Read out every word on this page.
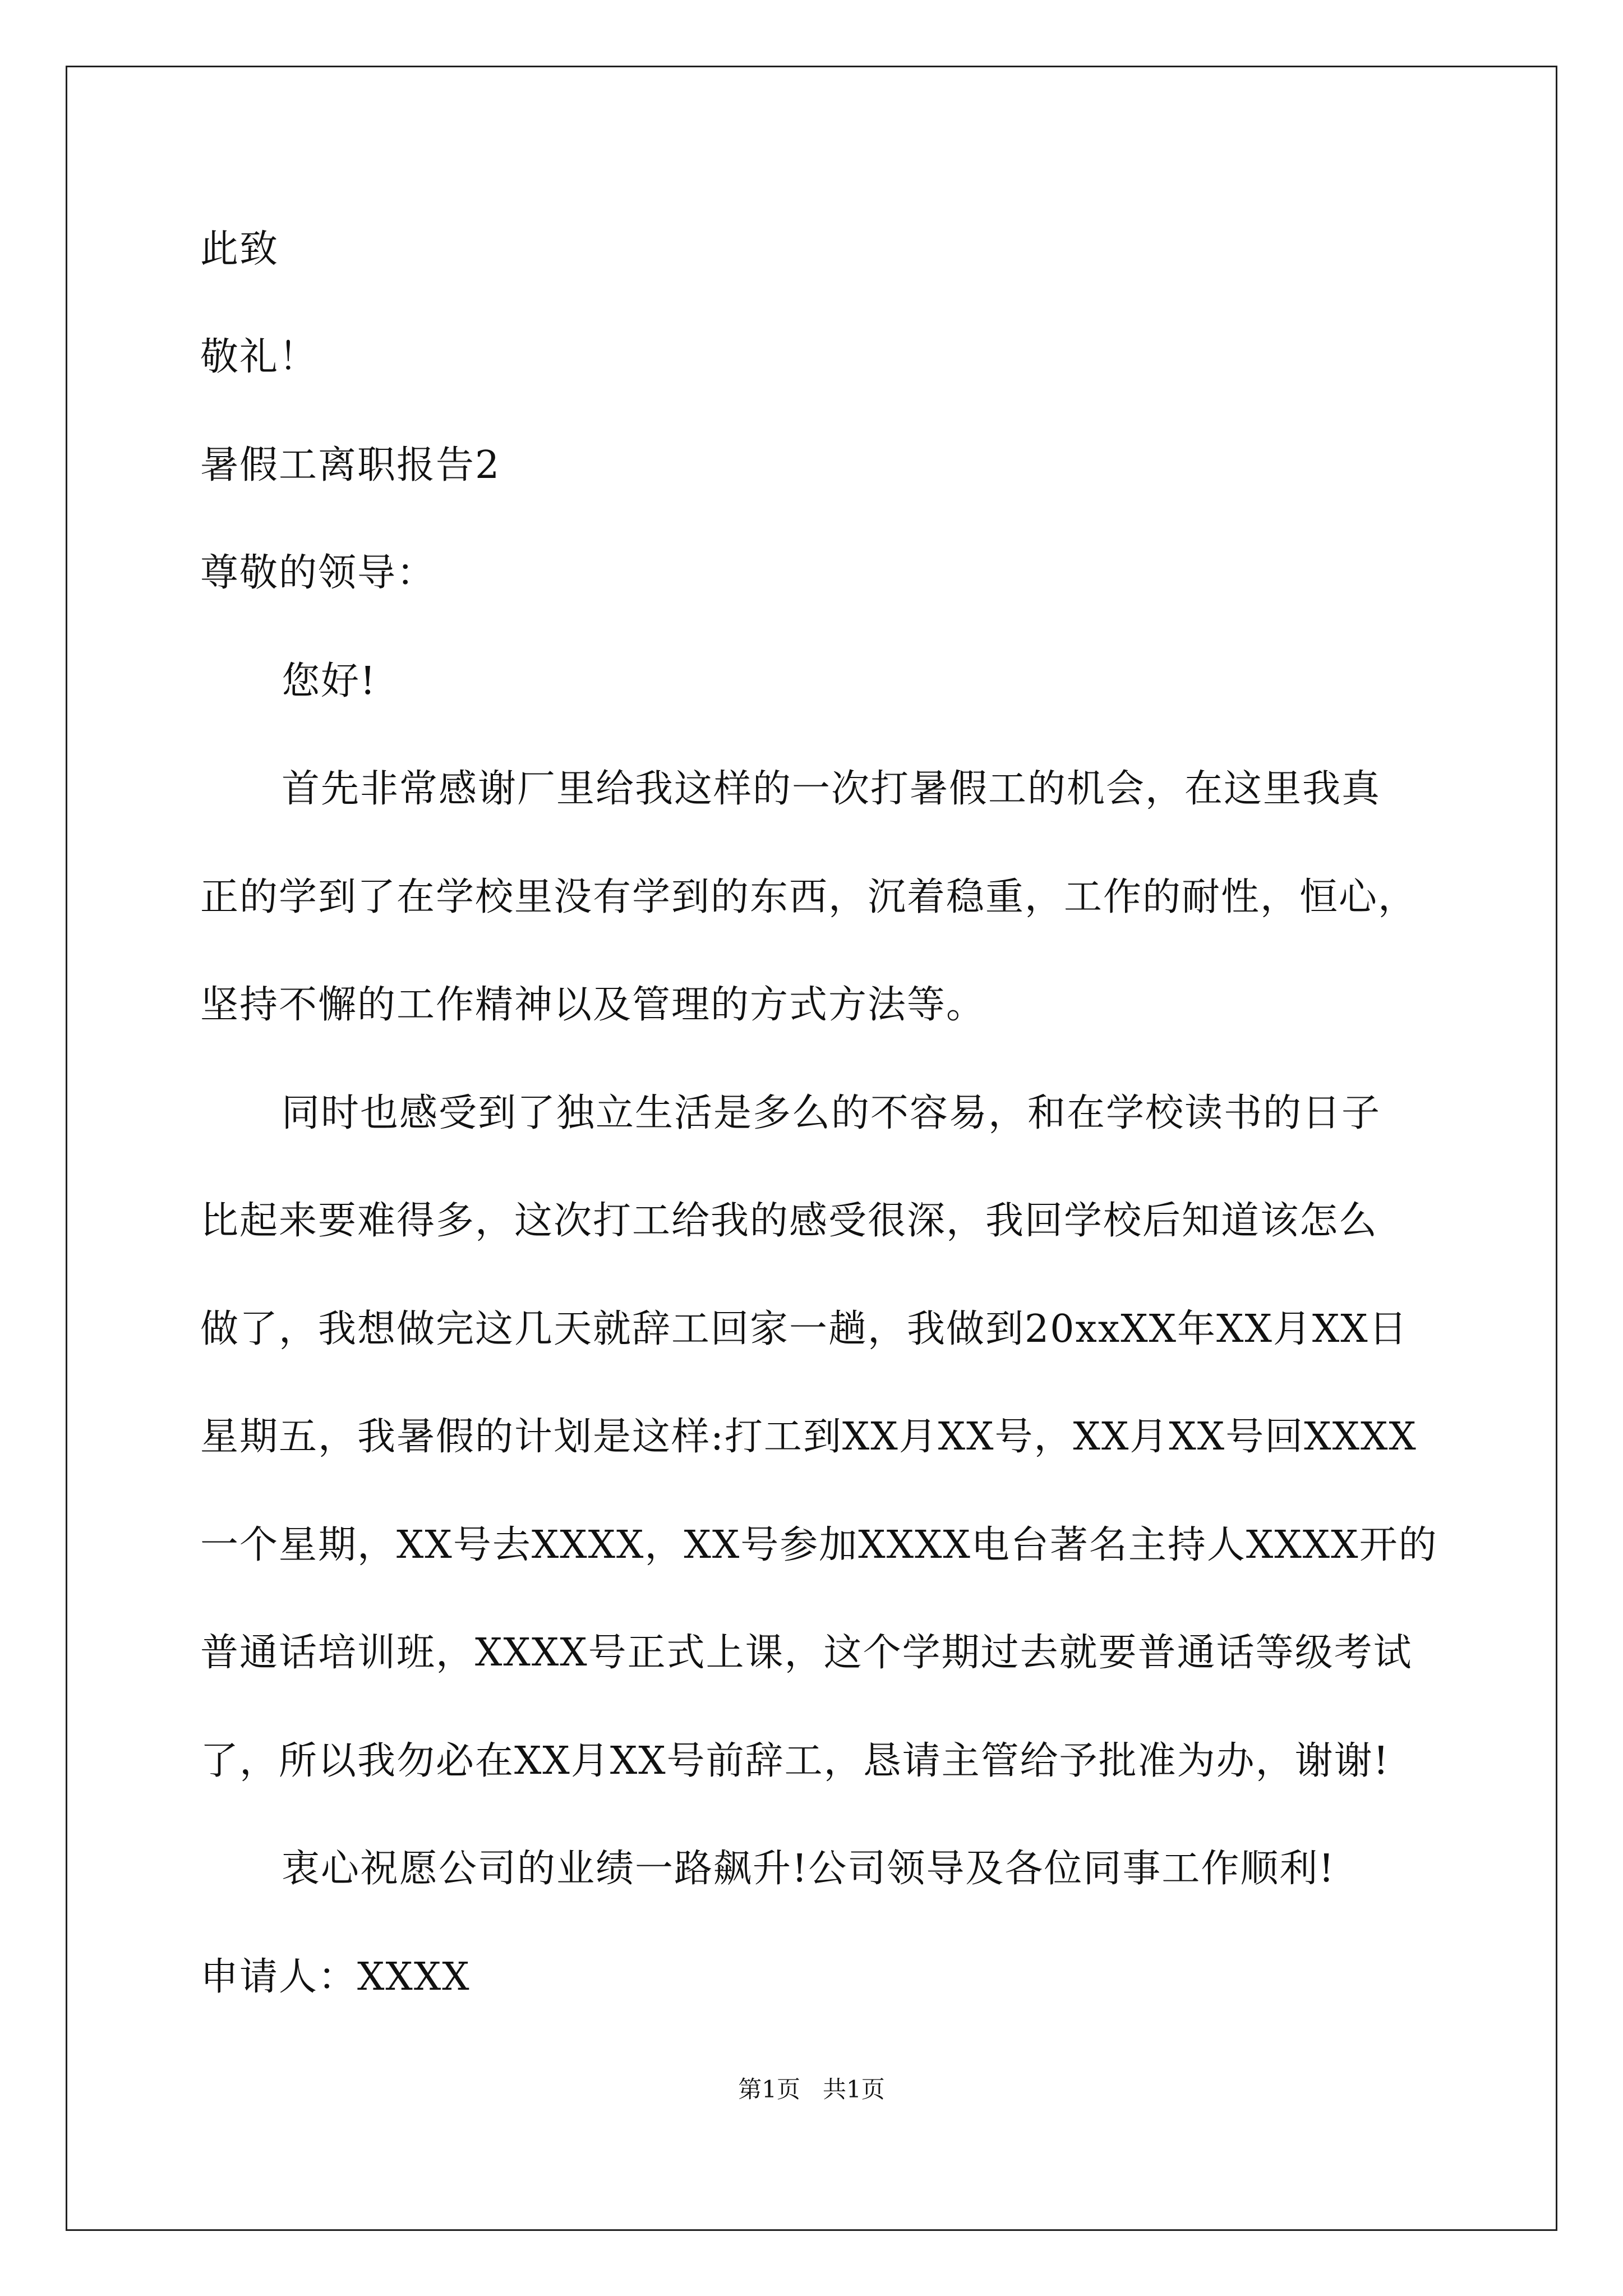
此致
敬礼！
暑假工离职报告2
尊敬的领导：
您好!
首先非常感谢厂里给我这样的一次打暑假工的机会，在这里我真
正的学到了在学校里没有学到的东西，沉着稳重，工作的耐性，恒心，
坚持不懈的工作精神以及管理的方式方法等。
同时也感受到了独立生活是多么的不容易，和在学校读书的日子
比起来要难得多，这次打工给我的感受很深，我回学校后知道该怎么
做了，我想做完这几天就辞工回家一趟，我做到20xxXX年XX月XX日
星期五，我暑假的计划是这样:打工到XX月XX号，XX月XX号回XXXX
一个星期，XX号去XXXX，XX号参加XXXX电台著名主持人XXXX开的
普通话培训班，XXXX号正式上课，这个学期过去就要普通话等级考试
了，所以我勿必在XX月XX号前辞工，恳请主管给予批准为办，谢谢!
衷心祝愿公司的业绩一路飙升!公司领导及各位同事工作顺利!
申请人：XXXX
第1页   共1页
